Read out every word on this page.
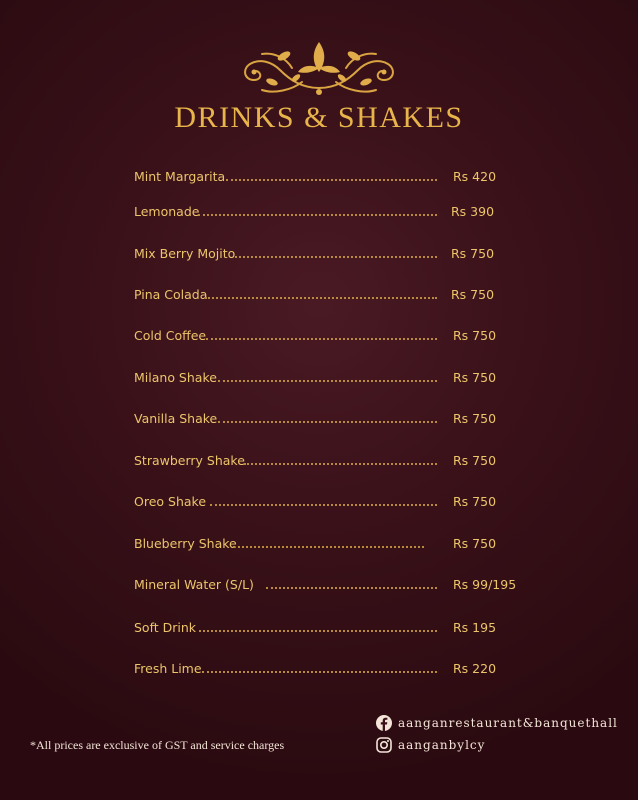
DRINKS & SHAKES
Mint Margarita	Rs 420
Lemonade	Rs 390
Mix Berry Mojito	Rs 750
Pina Colada	Rs 750
Cold Coffee	Rs 750
Milano Shake	Rs 750
Vanilla Shake	Rs 750
Strawberry Shake	Rs 750
Oreo Shake	Rs 750
Blueberry Shake	Rs 750
Mineral Water (S/L)	Rs 99/195
Soft Drink	Rs 195
Fresh Lime	Rs 220
*All prices are exclusive of GST and service charges
aanganrestaurant&banquethall
aanganbylcy
